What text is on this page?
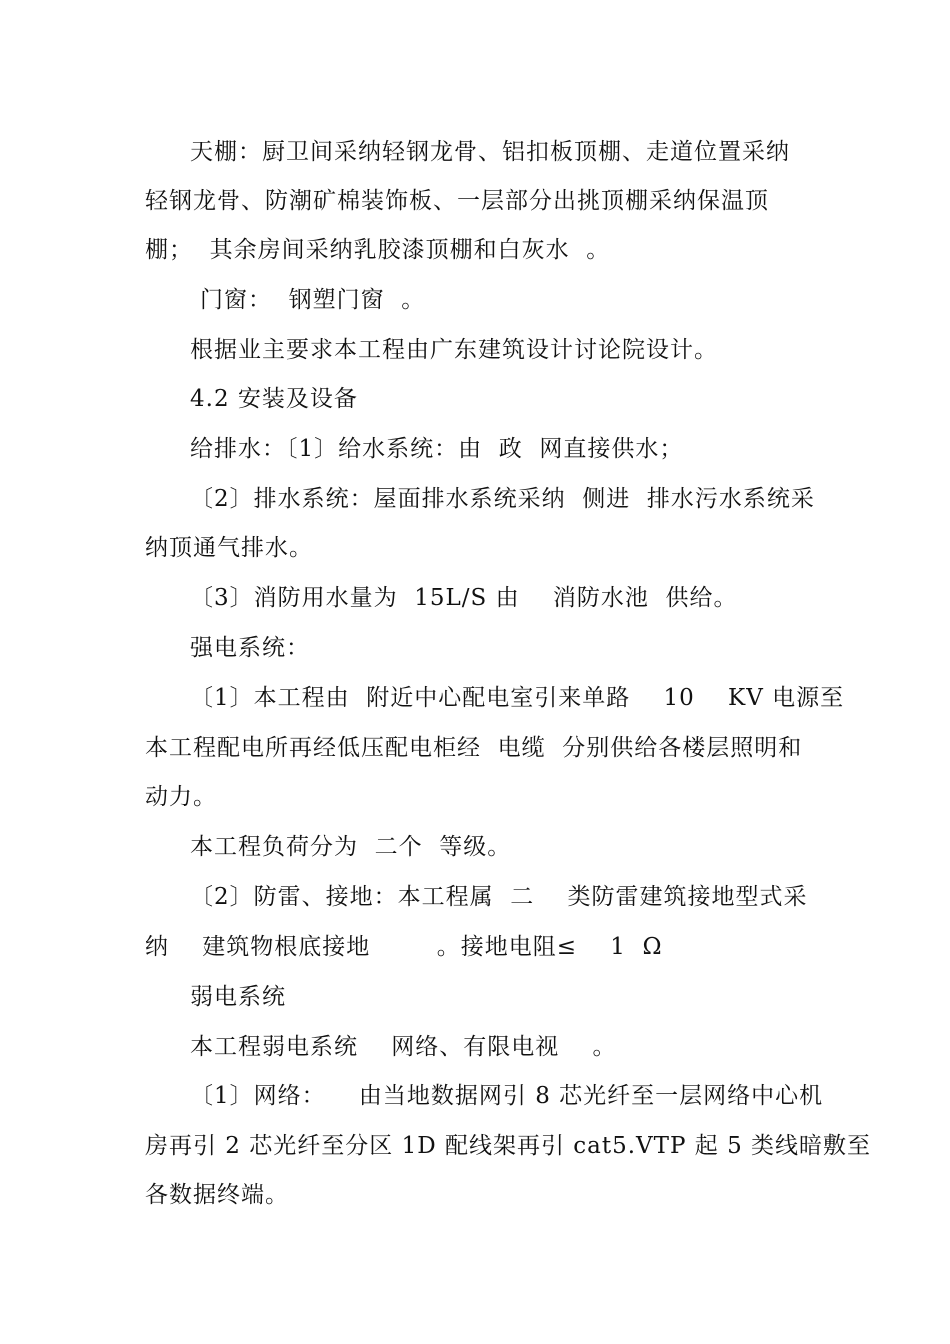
天棚：厨卫间采纳轻钢龙骨、铝扣板顶棚、走道位置采纳
轻钢龙骨、防潮矿棉装饰板、一层部分出挑顶棚采纳保温顶
棚；  其余房间采纳乳胶漆顶棚和白灰水  。
门窗：  钢塑门窗  。
根据业主要求本工程由广东建筑设计讨论院设计。
4.2 安装及设备
给排水：〔1〕给水系统：由  政  网直接供水；
〔2〕排水系统：屋面排水系统采纳  侧进  排水污水系统采
纳顶通气排水。
〔3〕消防用水量为  15L/S 由    消防水池  供给。
强电系统：
〔1〕本工程由  附近中心配电室引来单路    10    KV 电源至
本工程配电所再经低压配电柜经  电缆  分别供给各楼层照明和
动力。
本工程负荷分为  二个  等级。
〔2〕防雷、接地：本工程属  二    类防雷建筑接地型式采
纳    建筑物根底接地        。接地电阻≤    1  Ω
弱电系统
本工程弱电系统    网络、有限电视    。
〔1〕网络：    由当地数据网引 8 芯光纤至一层网络中心机
房再引 2 芯光纤至分区 1D 配线架再引 cat5.VTP 起 5 类线暗敷至
各数据终端。
